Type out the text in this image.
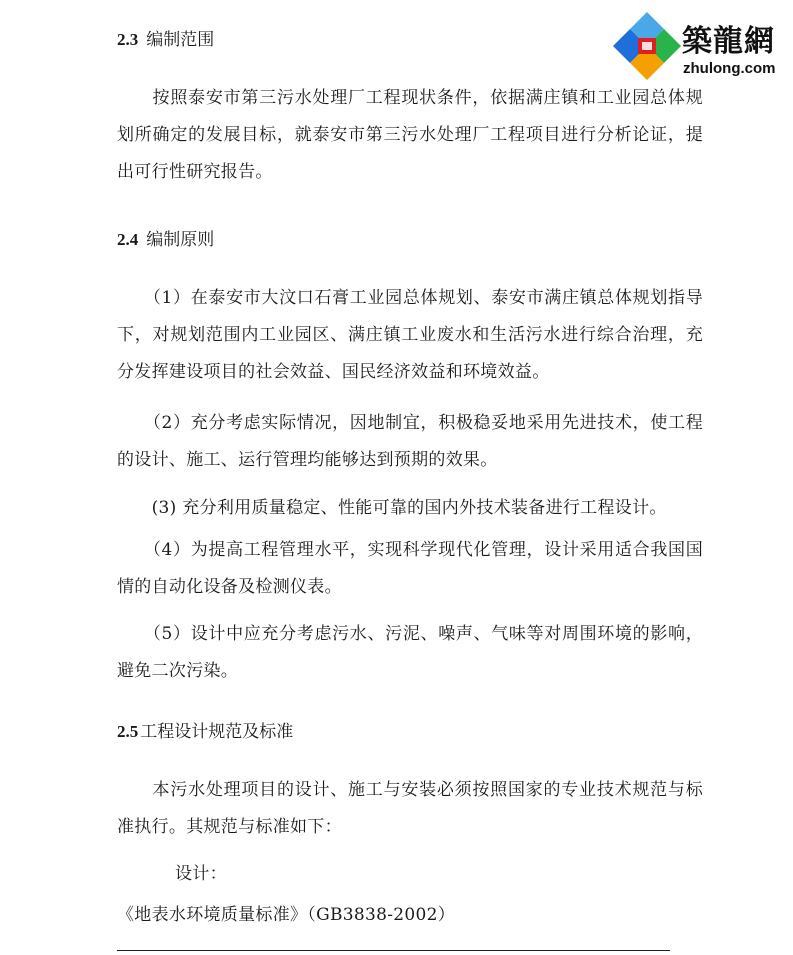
築龍網
zhulong.com
2.3 编制范围

　　按照泰安市第三污水处理厂工程现状条件，依据满庄镇和工业园总体规划所确定的发展目标，就泰安市第三污水处理厂工程项目进行分析论证，提出可行性研究报告。

2.4 编制原则

　　（1）在泰安市大汶口石膏工业园总体规划、泰安市满庄镇总体规划指导下，对规划范围内工业园区、满庄镇工业废水和生活污水进行综合治理，充分发挥建设项目的社会效益、国民经济效益和环境效益。

　　（2）充分考虑实际情况，因地制宜，积极稳妥地采用先进技术，使工程的设计、施工、运行管理均能够达到预期的效果。

　　(3) 充分利用质量稳定、性能可靠的国内外技术装备进行工程设计。

　　（4）为提高工程管理水平，实现科学现代化管理，设计采用适合我国国情的自动化设备及检测仪表。

　　（5）设计中应充分考虑污水、污泥、噪声、气味等对周围环境的影响，避免二次污染。

2.5 工程设计规范及标准

　　本污水处理项目的设计、施工与安装必须按照国家的专业技术规范与标准执行。其规范与标准如下：

设计：
《地表水环境质量标准》（GB3838-2002）
